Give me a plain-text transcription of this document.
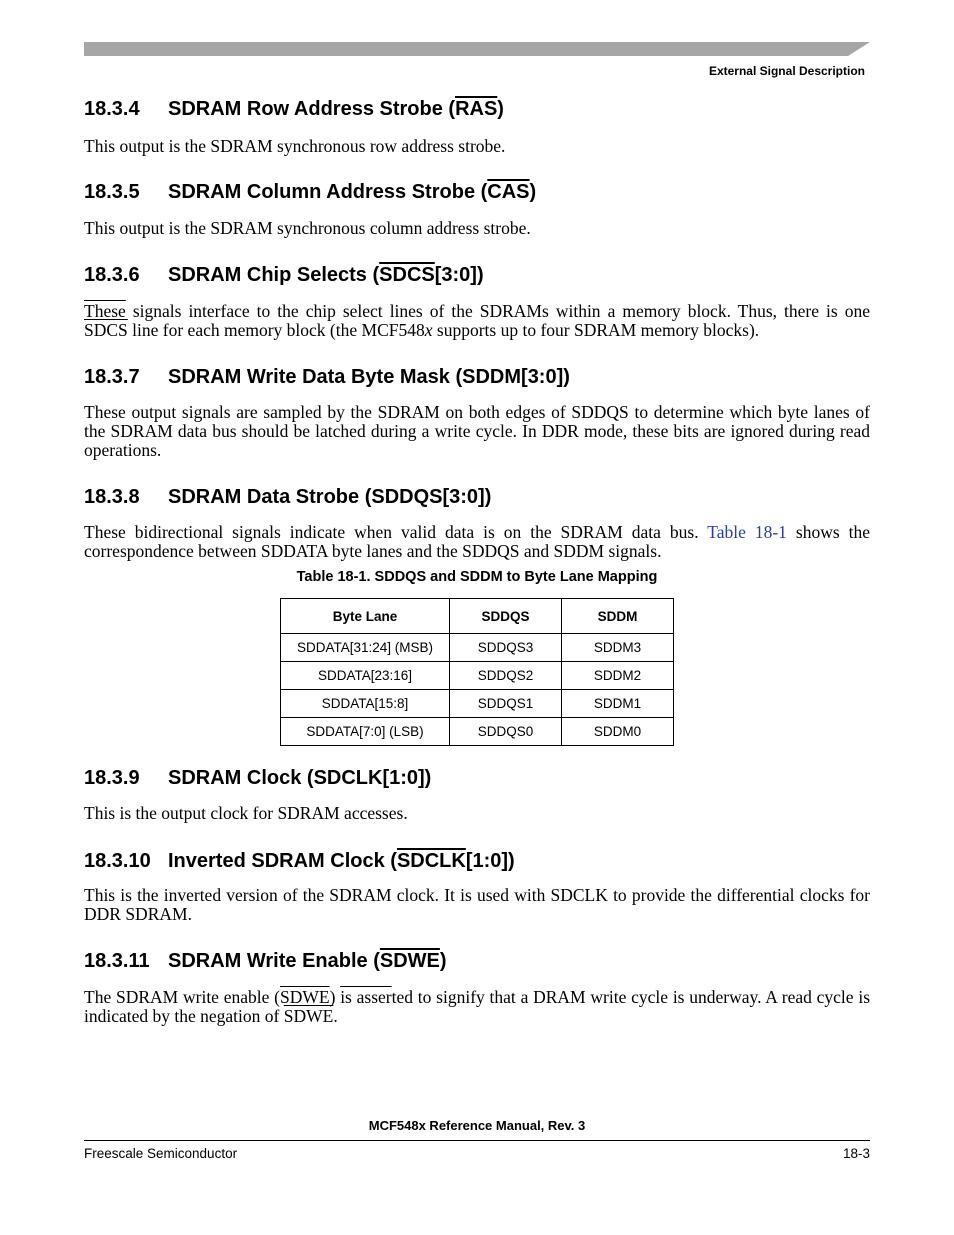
External Signal Description
18.3.4 SDRAM Row Address Strobe (RAS)

This output is the SDRAM synchronous row address strobe.

18.3.5 SDRAM Column Address Strobe (CAS)

This output is the SDRAM synchronous column address strobe.

18.3.6 SDRAM Chip Selects (SDCS[3:0])

These signals interface to the chip select lines of the SDRAMs within a memory block. Thus, there is one SDCS line for each memory block (the MCF548x supports up to four SDRAM memory blocks).

18.3.7 SDRAM Write Data Byte Mask (SDDM[3:0])

These output signals are sampled by the SDRAM on both edges of SDDQS to determine which byte lanes of the SDRAM data bus should be latched during a write cycle. In DDR mode, these bits are ignored during read operations.

18.3.8 SDRAM Data Strobe (SDDQS[3:0])

These bidirectional signals indicate when valid data is on the SDRAM data bus. Table 18-1 shows the correspondence between SDDATA byte lanes and the SDDQS and SDDM signals.

Table 18-1. SDDQS and SDDM to Byte Lane Mapping
Byte Lane	SDDQS	SDDM
SDDATA[31:24] (MSB)	SDDQS3	SDDM3
SDDATA[23:16]	SDDQS2	SDDM2
SDDATA[15:8]	SDDQS1	SDDM1
SDDATA[7:0] (LSB)	SDDQS0	SDDM0
18.3.9 SDRAM Clock (SDCLK[1:0])

This is the output clock for SDRAM accesses.

18.3.10 Inverted SDRAM Clock (SDCLK[1:0])

This is the inverted version of the SDRAM clock. It is used with SDCLK to provide the differential clocks for DDR SDRAM.

18.3.11 SDRAM Write Enable (SDWE)

The SDRAM write enable (SDWE) is asserted to signify that a DRAM write cycle is underway. A read cycle is indicated by the negation of SDWE.

MCF548x Reference Manual, Rev. 3
Freescale Semiconductor	18-3
